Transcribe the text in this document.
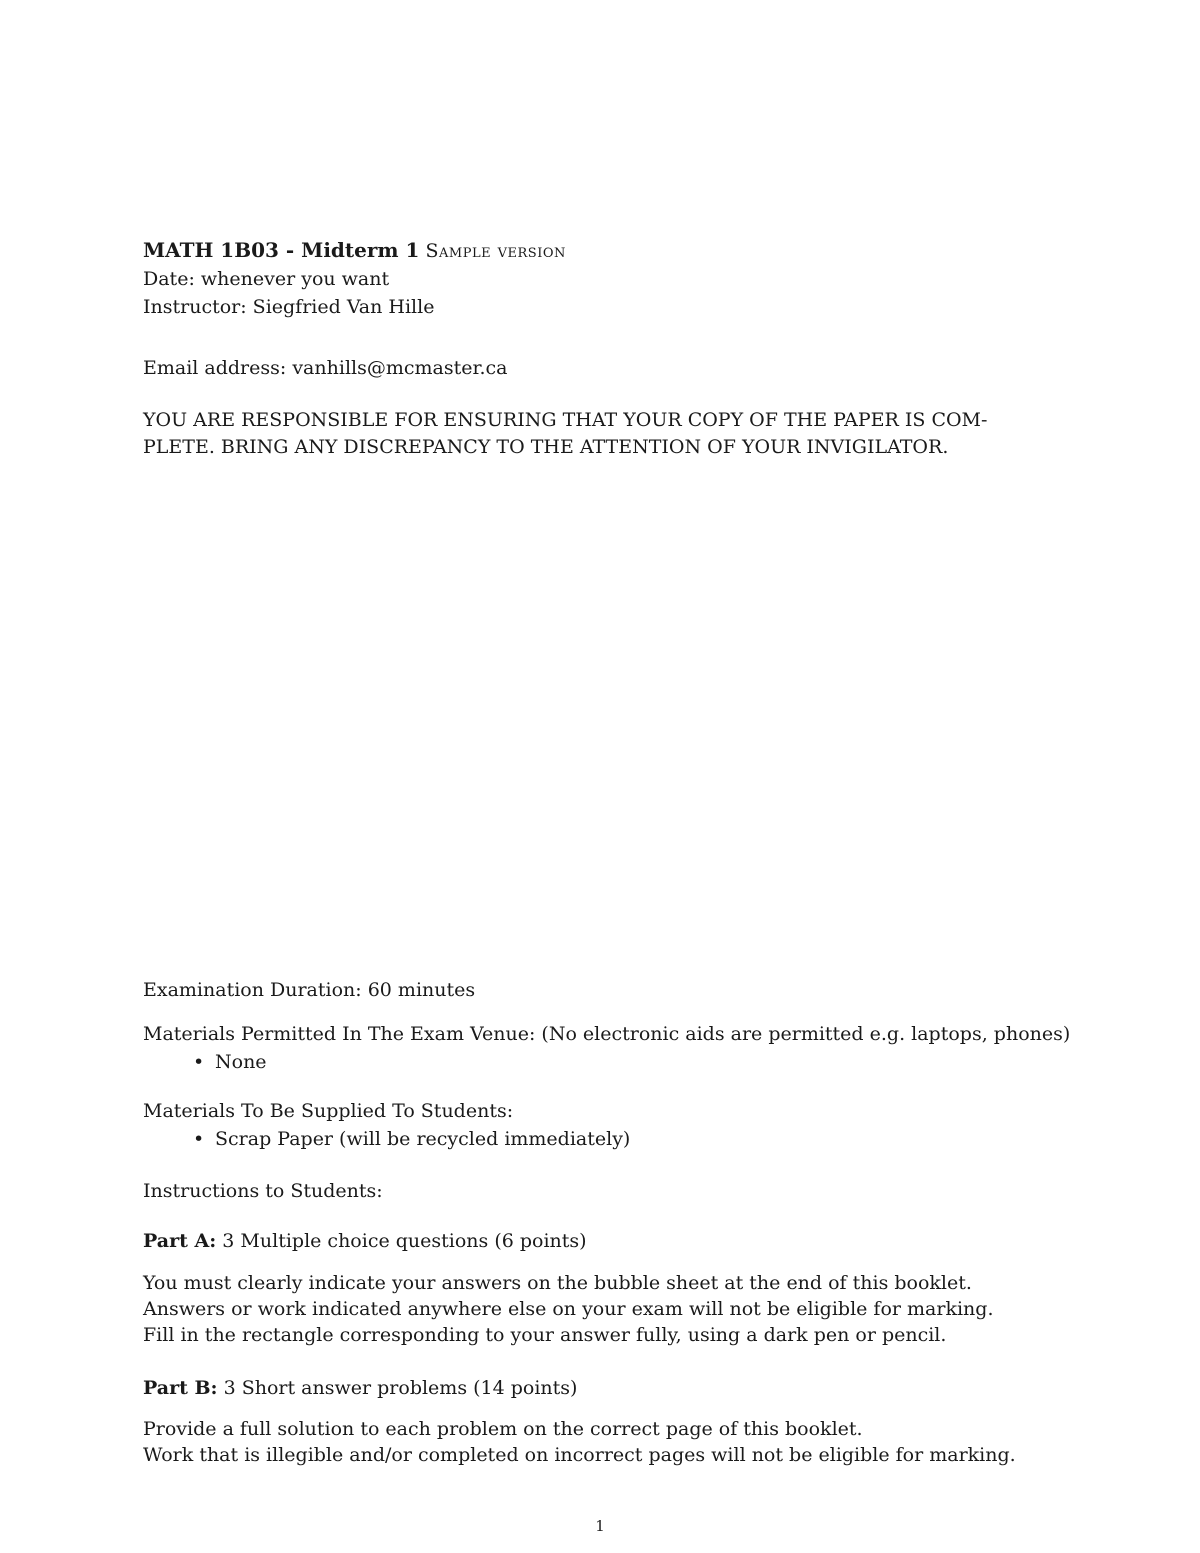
MATH 1B03 - Midterm 1 Sample version
Date: whenever you want
Instructor: Siegfried Van Hille
Email address: vanhills@mcmaster.ca
YOU ARE RESPONSIBLE FOR ENSURING THAT YOUR COPY OF THE PAPER IS COM-
PLETE. BRING ANY DISCREPANCY TO THE ATTENTION OF YOUR INVIGILATOR.
Examination Duration: 60 minutes
Materials Permitted In The Exam Venue: (No electronic aids are permitted e.g. laptops, phones)
• None
Materials To Be Supplied To Students:
• Scrap Paper (will be recycled immediately)
Instructions to Students:
Part A: 3 Multiple choice questions (6 points)
You must clearly indicate your answers on the bubble sheet at the end of this booklet.
Answers or work indicated anywhere else on your exam will not be eligible for marking.
Fill in the rectangle corresponding to your answer fully, using a dark pen or pencil.
Part B: 3 Short answer problems (14 points)
Provide a full solution to each problem on the correct page of this booklet.
Work that is illegible and/or completed on incorrect pages will not be eligible for marking.
1
